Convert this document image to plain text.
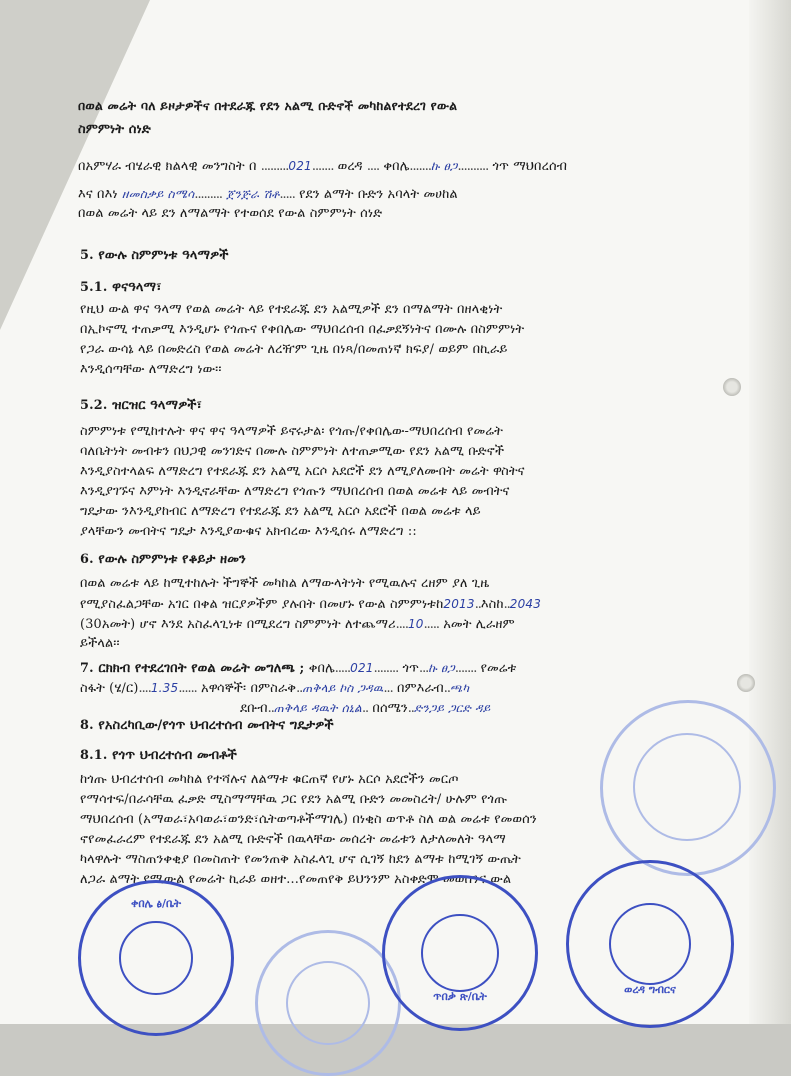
በወል መሬት ባለ ይዞታዎችና በተደራጁ የደን አልሚ ቡድኖች መካከልየተደረገ የውል
ስምምነት ሰነድ
በአምሃራ ብሄራዊ ክልላዊ መንግስት በ .........021....... ወረዳ .... ቀበሌ.......ኩ ፀጋ.......... ጎጥ ማህበረሰብ
እና በእነ ዘመስቃይ ስሜሳ......... ጀንጅራ ሽቶ..... የደን ልማት ቡድን አባላት መሀከል
በወል መሬት ላይ ደን ለማልማት የተወሰደ የውል ስምምነት ሰነድ
5. የውሉ ስምምነቱ ዓላማዎች
5.1. ዋናዓላማ፣
የዚህ ውል ዋና ዓላማ የወል መሬት ላይ የተደራጁ ደን አልሚዎች ደን በማልማት በዘላቂነት
በኢኮኖሚ ተጠቃሚ እንዲሆኑ የጎጡና የቀበሌው ማህበረሰብ በፈቃደኝነትና በሙሉ በስምምነት
የጋራ ውሳኔ ላይ በመድረስ የወል መሬት ለረዥም ጊዜ በነጻ/በመጠነኛ ክፍያ/ ወይም በኪራይ
እንዲሰጣቸው ለማድረግ ነው፡፡
5.2. ዝርዝር ዓላማዎች፣
ስምምነቱ የሚከተሉት ዋና ዋና ዓላማዎች ይኖሩታል፡ የጎጡ/የቀበሌው-ማህበረሰብ የመሬት
ባለቤትነት መብቱን በህጋዊ መንገድና በሙሉ ስምምነት ለተጠቃሚው የደን አልሚ ቡድኖች
እንዲያስተላልፍ ለማድረግ የተደራጁ ደን አልሚ አርሶ አደሮች ደን ለሚያለሙበት መሬት ዋስትና
እንዲያገኙና እምነት እንዲኖራቸው ለማድረግ የጎጡን ማህበረሰብ በወል መሬቱ ላይ መብትና
ግዴታው ንእንዲያከብር ለማድረግ የተደራጁ ደን አልሚ አርሶ አደሮች በወል መሬቱ ላይ
ያላቸውን መብትና ግዴታ እንዲያውቁና አክብረው እንዲሰሩ ለማድረግ ::
6. የውሉ ስምምነቱ የቆይታ ዘመን
በወል መሬቱ ላይ ከሚተከሉት ችግኞች መካከል ለማውላትነት የሚዉሉና ረዘም ያለ ጊዜ
የሚያስፈልጋቸው አገር በቀል ዝርያዎችም ያሉበት በመሆኑ የውል ስምምነቱከ2013..እስከ..2043
(30አመት) ሆኖ እንደ አስፈላጊነቱ በሚደረግ ስምምነት ለተጨማሪ....10..... አመት ሊራዘም
ይችላል፡፡
7. ርክክብ የተደረገበት የወል መሬት መግለጫ ; ቀበሌ.....021........ ጎጥ...ኩ ፀጋ....... የመሬቱ
ስፋት (ሄ/ር)....1.35...... አዋሳኞች፡ በምስራቅ..ጠቅላይ ኮስ ጋዳዉ... በምእራብ..ጫካ
ደቡብ..ጠቅላይ ዳዉት ሰኒል.. በሰሜን..ድንጋይ ጋርድ ዳይ
8. የአስረካቢው/የጎጥ ህብረተሰብ መብትና ግዴታዎች
8.1. የጎጥ ህብረተሰብ መብቶች
ከጎጡ ህብረተሰብ መካከል የተሻሉና ለልማቱ ቁርጠኛ የሆኑ አርሶ አደሮችን መርጦ
የማሳተፍ/በራሳቸዉ ፈቃድ ሚስማማቸዉ ጋር የደን አልሚ ቡድን መመስረት/ ሁሉም የጎጡ
ማህበረሰብ (አማወራ፣አባወራ፣ወንድ፣ሴትወጣቶችማገሌ) በነቂስ ወጥቶ ስለ ወል መሬቱ የመወሰን
ኖየመፈራረም የተደራጁ ደን አልሚ ቡድኖች በዉላቸው መሰረት መሬቱን ለታለመለት ዓላማ
ካላዋሉት ማስጠንቀቂያ በመስጠት የመንጠቅ አስፈላጊ ሆኖ ሲገኝ ከደን ልማቱ ከሚገኝ ውጤት
ለጋራ ልማት የሚውል የመሬት ኪራይ ወዘተ...የመጠየቅ ይህንንም አስቀድሞ መወሰንና ውል
ቀበሌ ፅ/ቤት
ጥበቃ ጽ/ቤት
ወረዳ ግብርና
